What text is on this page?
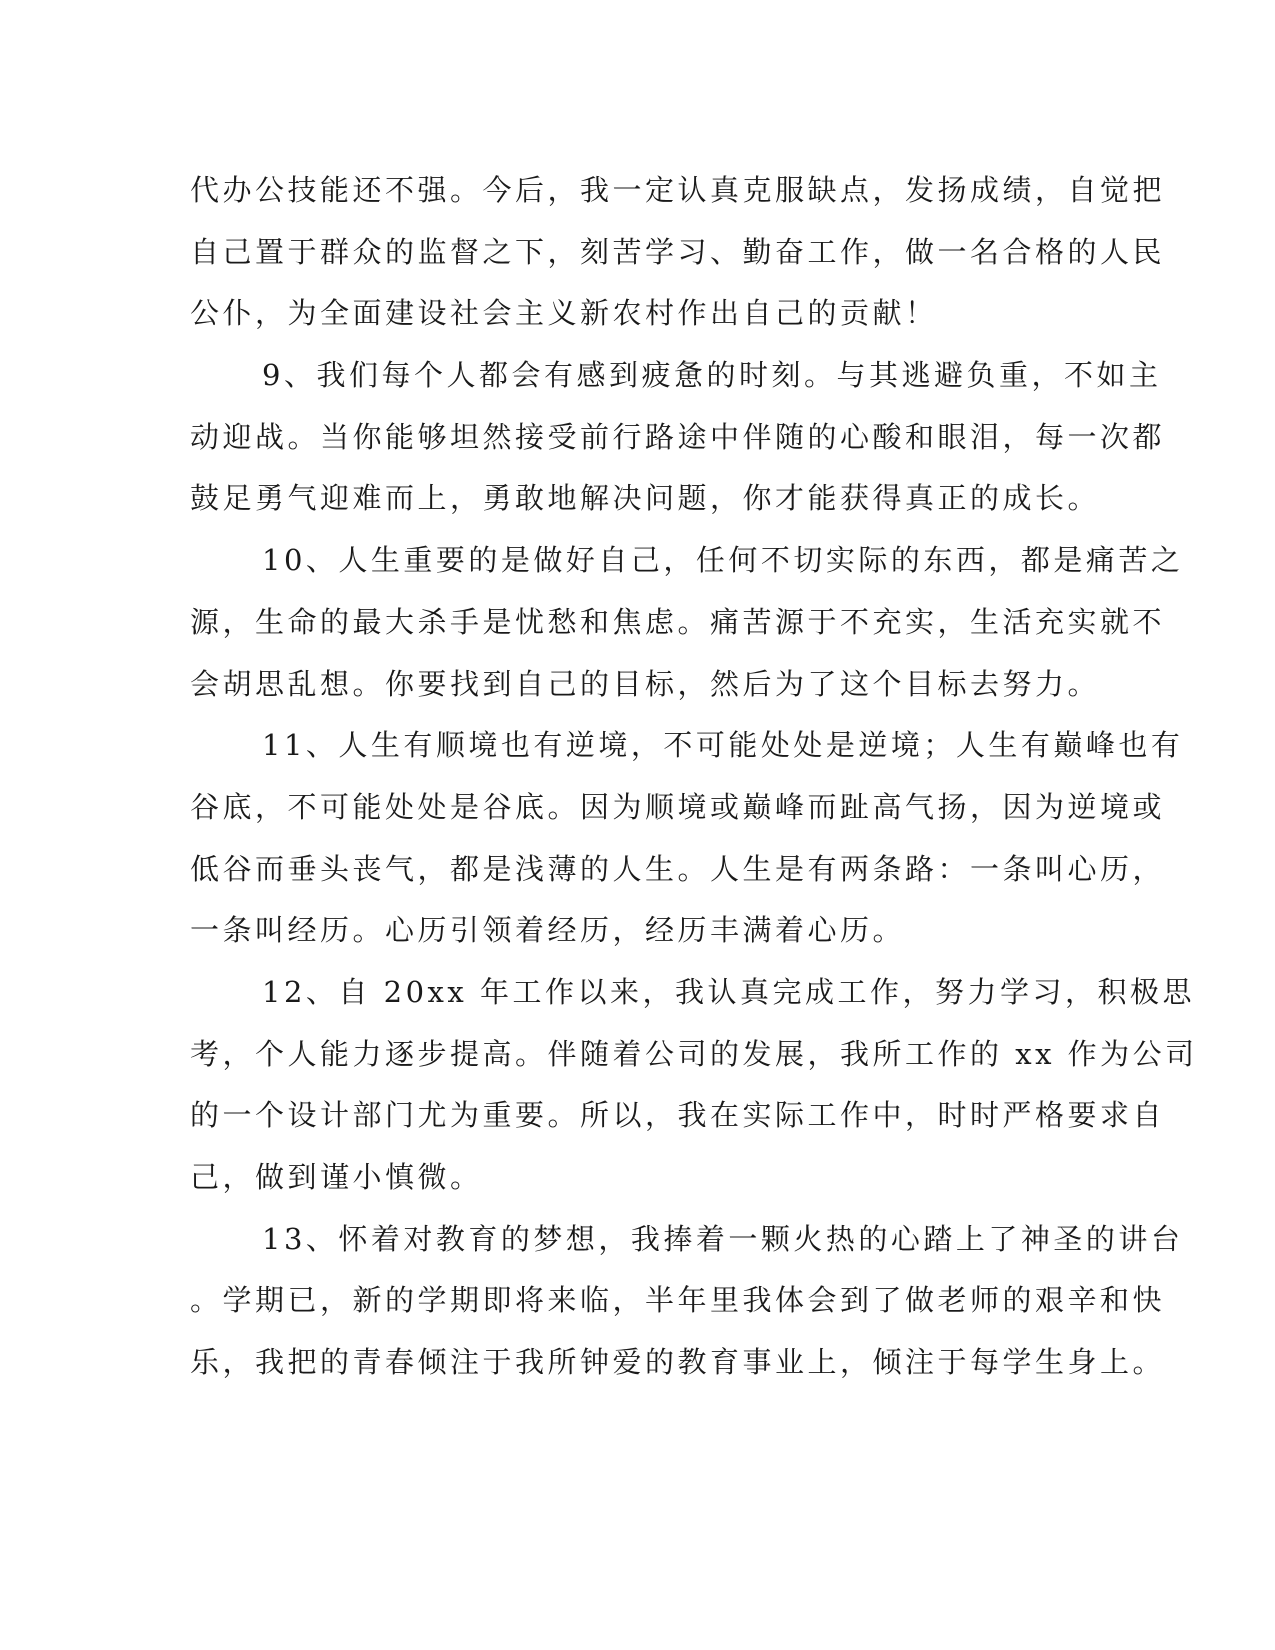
代办公技能还不强。今后，我一定认真克服缺点，发扬成绩，自觉把
自己置于群众的监督之下，刻苦学习、勤奋工作，做一名合格的人民
公仆，为全面建设社会主义新农村作出自己的贡献！
9、我们每个人都会有感到疲惫的时刻。与其逃避负重，不如主
动迎战。当你能够坦然接受前行路途中伴随的心酸和眼泪，每一次都
鼓足勇气迎难而上，勇敢地解决问题，你才能获得真正的成长。
10、人生重要的是做好自己，任何不切实际的东西，都是痛苦之
源，生命的最大杀手是忧愁和焦虑。痛苦源于不充实，生活充实就不
会胡思乱想。你要找到自己的目标，然后为了这个目标去努力。
11、人生有顺境也有逆境，不可能处处是逆境；人生有巅峰也有
谷底，不可能处处是谷底。因为顺境或巅峰而趾高气扬，因为逆境或
低谷而垂头丧气，都是浅薄的人生。人生是有两条路：一条叫心历，
一条叫经历。心历引领着经历，经历丰满着心历。
12、自 20xx 年工作以来，我认真完成工作，努力学习，积极思
考，个人能力逐步提高。伴随着公司的发展，我所工作的 xx 作为公司
的一个设计部门尤为重要。所以，我在实际工作中，时时严格要求自
己，做到谨小慎微。
13、怀着对教育的梦想，我捧着一颗火热的心踏上了神圣的讲台
。学期已，新的学期即将来临，半年里我体会到了做老师的艰辛和快
乐，我把的青春倾注于我所钟爱的教育事业上，倾注于每学生身上。
